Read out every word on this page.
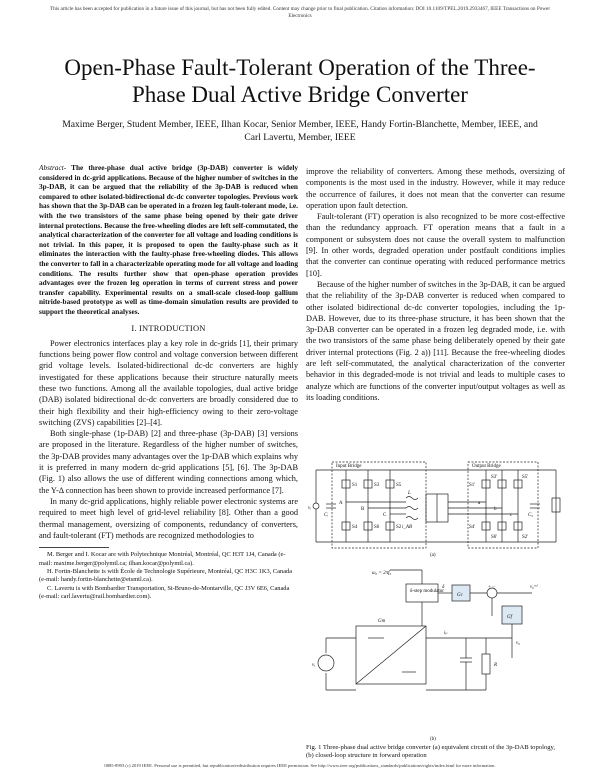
This article has been accepted for publication in a future issue of this journal, but has not been fully edited. Content may change prior to final publication. Citation information: DOI 10.1109/TPEL.2019.2933467, IEEE Transactions on Power Electronics
Open-Phase Fault-Tolerant Operation of the Three-Phase Dual Active Bridge Converter
Maxime Berger, Student Member, IEEE, Ilhan Kocar, Senior Member, IEEE, Handy Fortin-Blanchette, Member, IEEE, and Carl Lavertu, Member, IEEE

Abstract- The three-phase dual active bridge (3p-DAB) converter is widely considered in dc-grid applications. Because of the higher number of switches in the 3p-DAB, it can be argued that the reliability of the 3p-DAB is reduced when compared to other isolated-bidirectional dc-dc converter topologies. Previous work has shown that the 3p-DAB can be operated in a frozen leg fault-tolerant mode, i.e. with the two transistors of the same phase being opened by their gate driver internal protections. Because the free-wheeling diodes are left self-commutated, the analytical characterization of the converter for all voltage and loading conditions is not trivial. In this paper, it is proposed to open the faulty-phase such as it eliminates the interaction with the faulty-phase free-wheeling diodes. This allows the converter to fall in a characterizable operating mode for all voltage and loading conditions. The results further show that open-phase operation provides advantages over the frozen leg operation in terms of current stress and power transfer capability. Experimental results on a small-scale closed-loop gallium nitride-based prototype as well as time-domain simulation results are provided to support the theoretical analyses.

I. INTRODUCTION

Power electronics interfaces play a key role in dc-grids [1], their primary functions being power flow control and voltage conversion between different grid voltage levels. Isolated-bidirectional dc-dc converters are highly investigated for these applications because their structure naturally meets these two functions. Among all the available topologies, dual active bridge (DAB) isolated bidirectional dc-dc converters are broadly considered due to their high flexibility and their high-efficiency owing to their zero-voltage switching (ZVS) capabilities [2]–[4].

Both single-phase (1p-DAB) [2] and three-phase (3p-DAB) [3] versions are proposed in the literature. Regardless of the higher number of switches, the 3p-DAB provides many advantages over the 1p-DAB which explains why it is preferred in many modern dc-grid applications [5], [6]. The 3p-DAB (Fig. 1) also allows the use of different winding connections among which, the Y-Δ connection has been shown to provide increased performance [7].

In many dc-grid applications, highly reliable power electronic systems are required to meet high level of grid-level reliability [8]. Other than a good thermal management, oversizing of components, redundancy of converters, and fault-tolerant (FT) methods are recognized methodologies to

M. Berger and I. Kocar are with Polytechnique Montréal, Montréal, QC H3T 1J4, Canada (e-mail: maxime.berger@polymtl.ca; ilhan.kocar@polymtl.ca).

H. Fortin-Blanchette is with École de Technologie Supérieure, Montréal, QC H3C 1K3, Canada (e-mail: handy.fortin-blanchette@etsmtl.ca).

C. Lavertu is with Bombardier Transportation, St-Bruno-de-Montarville, QC J3V 6E6, Canada (e-mail: carl.lavertu@rail.bombardier.com).

improve the reliability of converters. Among these methods, oversizing of components is the most used in the industry. However, while it may reduce the occurrence of failures, it does not mean that the converter can resume operation upon fault detection.

Fault-tolerant (FT) operation is also recognized to be more cost-effective than the redundancy approach. FT operation means that a fault in a component or subsystem does not cause the overall system to malfunction [9]. In other words, degraded operation under postfault conditions implies that the converter can continue operating with reduced performance metrics [10].

Because of the higher number of switches in the 3p-DAB, it can be argued that the reliability of the 3p-DAB converter is reduced when compared to other isolated bidirectional dc-dc converter topologies, including the 1p-DAB. However, due to its three-phase structure, it has been shown that the 3p-DAB converter can be operated in a frozen leg degraded mode, i.e. with the two transistors of the same phase being deliberately opened by their gate driver internal protections (Fig. 2 a)) [11]. Because the free-wheeling diodes are left self-commutated, the analytical characterization of the converter behavior in this degraded-mode is not trivial and leads to multiple cases to analyze which are functions of the converter input/output voltages as well as its loading conditions.

Input Bridge	Output Bridge
vᵢ
Cᵢ	C₀
L
i_AB
S1	S3	S5
S4	S6	S2
S1'
S3'	S5'
S4'
S6'	S2'
A
B
C
a
b
c
(a)
ω₀ = 2πf₀
δ-step modulator
Gc
Gf
Gm
v₀ʳᵉᶠ
+ −
δ
iₚ
vᵢ	R
v₀
(b)
Fig. 1 Three-phase dual active bridge converter (a) equivalent circuit of the 3p-DAB topology, (b) closed-loop structure in forward operation
0885-8993 (c) 2019 IEEE. Personal use is permitted, but republication/redistribution requires IEEE permission. See http://www.ieee.org/publications_standards/publications/rights/index.html for more information.
